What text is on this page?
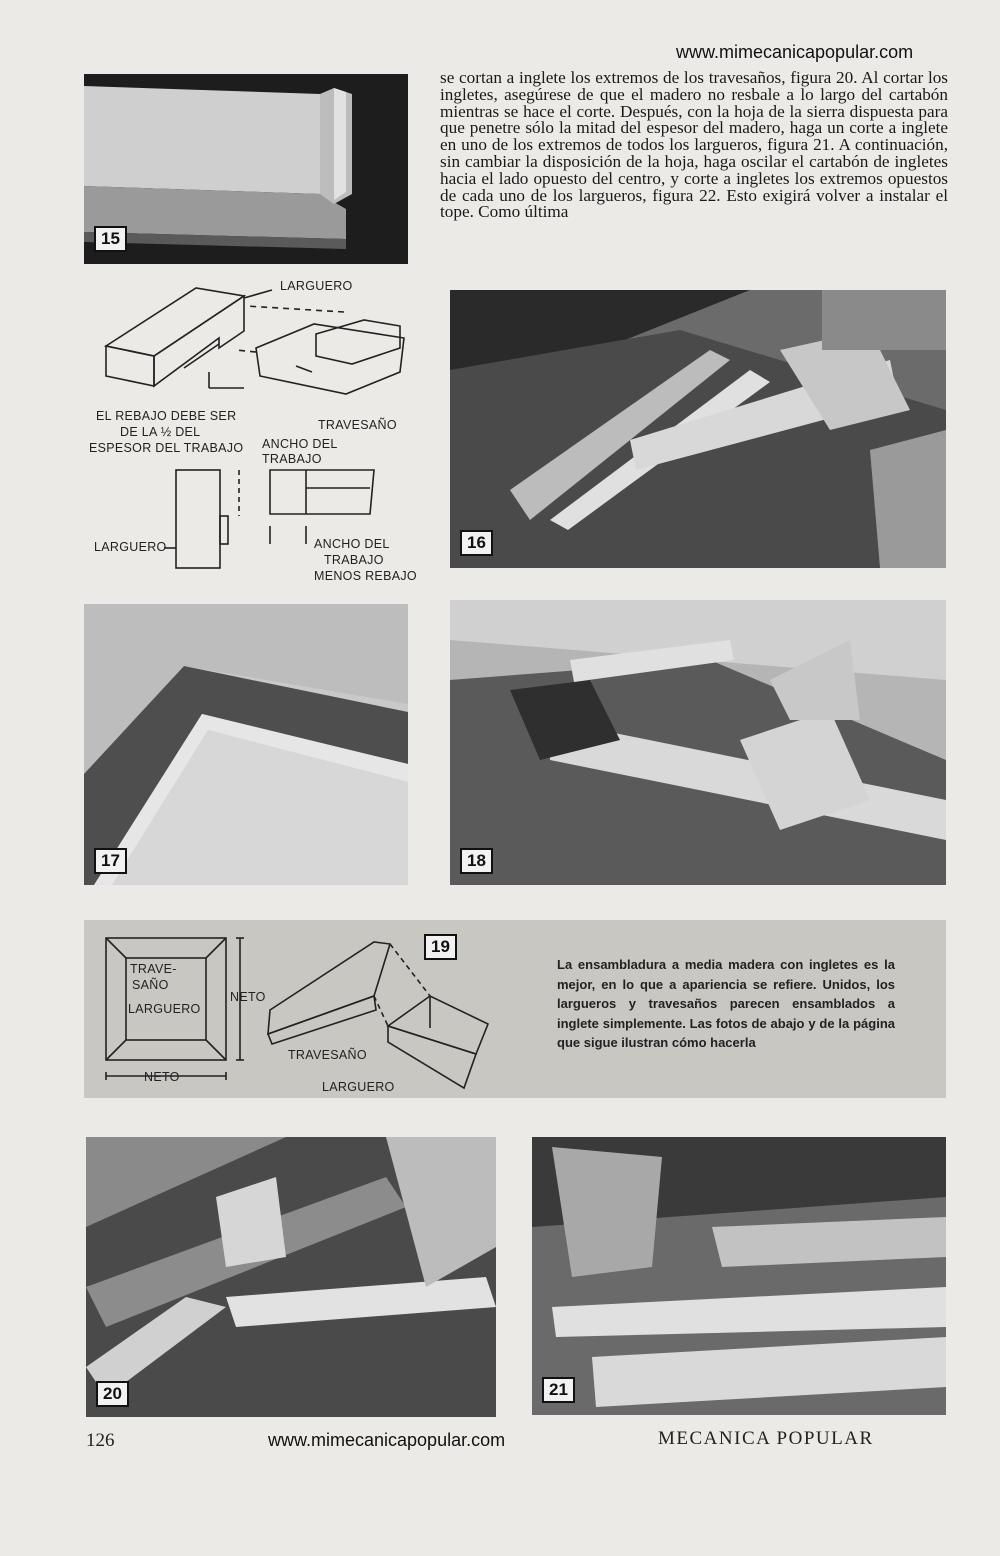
www.mimecanicapopular.com
15
se cortan a inglete los extremos de los travesaños, figura 20. Al cortar los ingletes, asegúrese de que el madero no resbale a lo largo del cartabón mientras se hace el corte. Después, con la hoja de la sierra dispuesta para que penetre sólo la mitad del espesor del madero, haga un corte a inglete en uno de los extremos de todos los largueros, figura 21. A continuación, sin cambiar la disposición de la hoja, haga oscilar el cartabón de ingletes hacia el lado opuesto del centro, y corte a ingletes los extremos opuestos de cada uno de los largueros, figura 22. Esto exigirá volver a instalar el tope. Como última
LARGUERO
EL REBAJO DEBE SER
DE LA ½ DEL
ESPESOR DEL TRABAJO
TRAVESAÑO
ANCHO DEL
TRABAJO
LARGUERO	ANCHO DEL
TRABAJO
MENOS REBAJO
16
17	18
TRAVE-
SAÑO
LARGUERO
NETO
NETO
TRAVESAÑO
LARGUERO
19
La ensambladura a media madera con ingletes es la mejor, en lo que a apariencia se refiere. Unidos, los largueros y travesaños parecen ensamblados a inglete simplemente. Las fotos de abajo y de la página que sigue ilustran cómo hacerla
20	21
126	www.mimecanicapopular.com	MECANICA POPULAR
